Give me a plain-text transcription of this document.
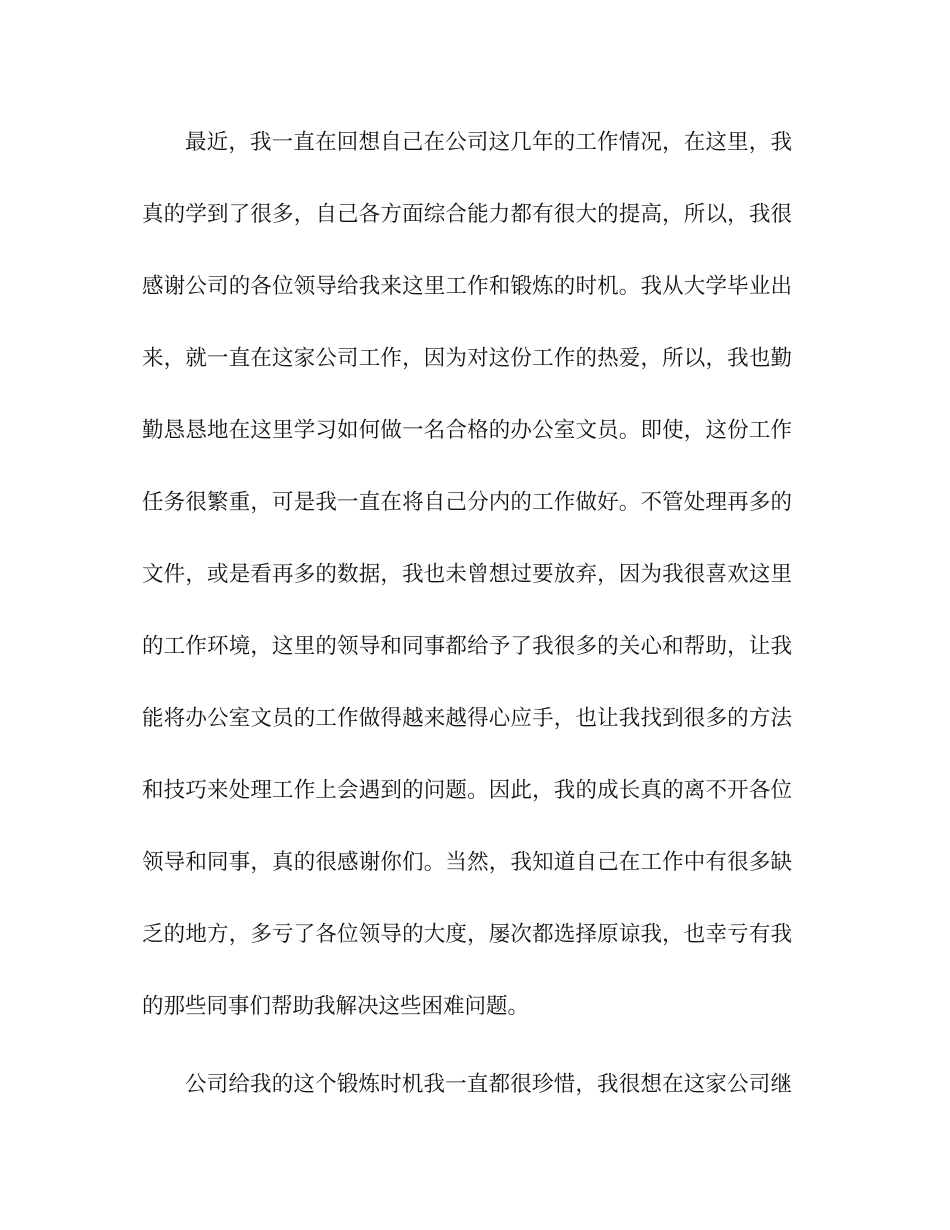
最近，我一直在回想自己在公司这几年的工作情况，在这里，我
真的学到了很多，自己各方面综合能力都有很大的提高，所以，我很
感谢公司的各位领导给我来这里工作和锻炼的时机。我从大学毕业出
来，就一直在这家公司工作，因为对这份工作的热爱，所以，我也勤
勤恳恳地在这里学习如何做一名合格的办公室文员。即使，这份工作
任务很繁重，可是我一直在将自己分内的工作做好。不管处理再多的
文件，或是看再多的数据，我也未曾想过要放弃，因为我很喜欢这里
的工作环境，这里的领导和同事都给予了我很多的关心和帮助，让我
能将办公室文员的工作做得越来越得心应手，也让我找到很多的方法
和技巧来处理工作上会遇到的问题。因此，我的成长真的离不开各位
领导和同事，真的很感谢你们。当然，我知道自己在工作中有很多缺
乏的地方，多亏了各位领导的大度，屡次都选择原谅我，也幸亏有我
的那些同事们帮助我解决这些困难问题。
公司给我的这个锻炼时机我一直都很珍惜，我很想在这家公司继
